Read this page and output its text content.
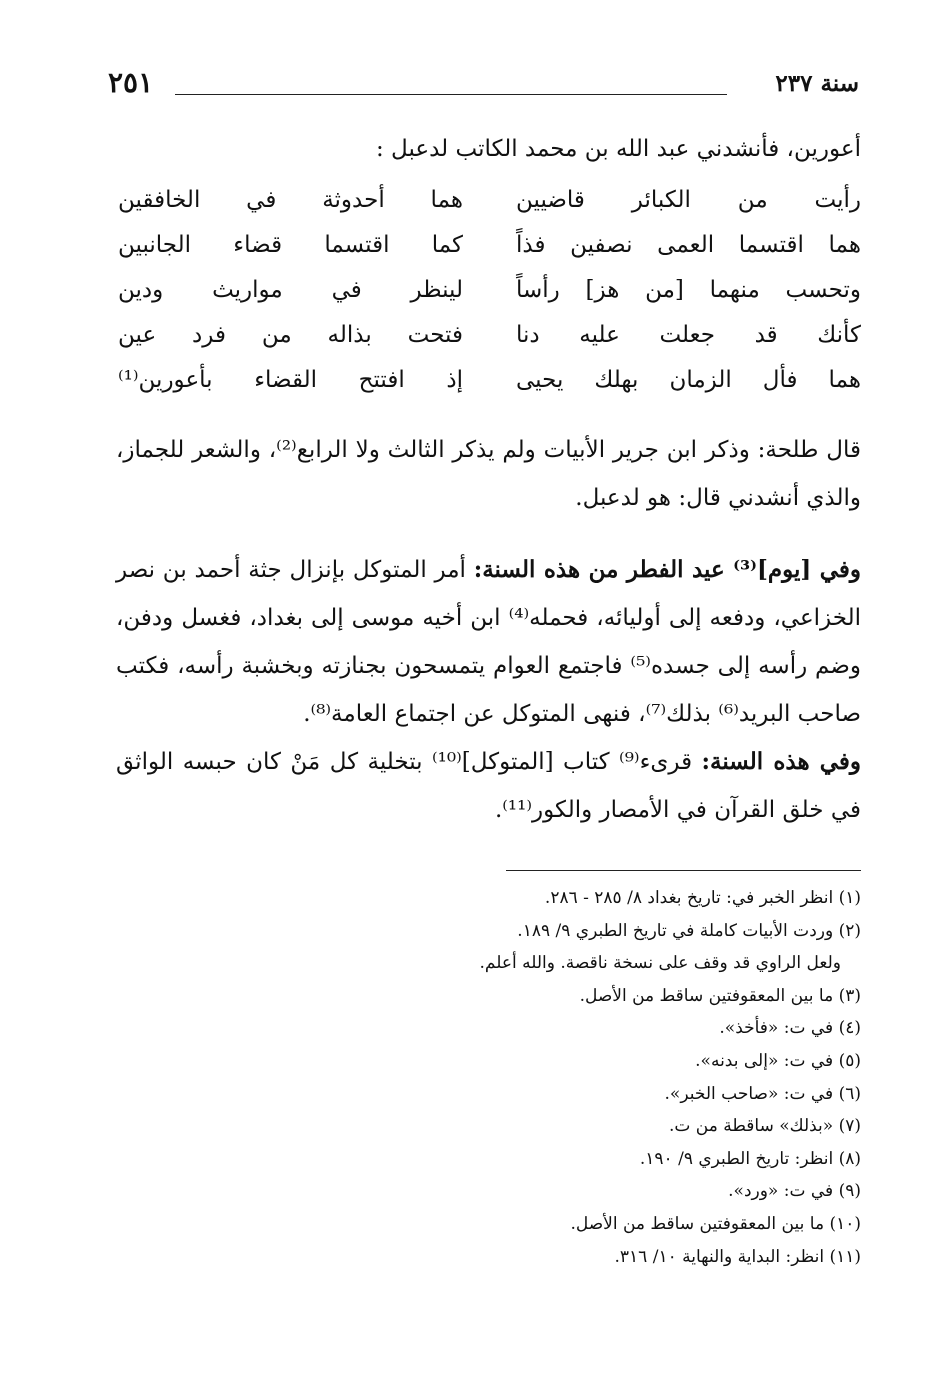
سنة ٢٣٧
٢٥١
أعورين، فأنشدني عبد الله بن محمد الكاتب لدعبل :
رأيت من الكبائر قاضيين
هما أحدوثة في الخافقين
هما اقتسما العمى نصفين فذاً
كما اقتسما قضاء الجانبين
وتحسب منهما [من هز] رأساً
لينظر في مواريث ودين
كأنك قد جعلت عليه دنا
فتحت بذاله من فرد عين
هما فأل الزمان بهلك يحيى
إذ افتتح القضاء بأعورين⁽¹⁾
قال طلحة: وذكر ابن جرير الأبيات ولم يذكر الثالث ولا الرابع⁽²⁾، والشعر للجماز، والذي أنشدني قال: هو لدعبل.
وفي [يوم]⁽³⁾ عيد الفطر من هذه السنة: أمر المتوكل بإنزال جثة أحمد بن نصر الخزاعي، ودفعه إلى أوليائه، فحمله⁽⁴⁾ ابن أخيه موسى إلى بغداد، فغسل ودفن، وضم رأسه إلى جسده⁽⁵⁾ فاجتمع العوام يتمسحون بجنازته وبخشبة رأسه، فكتب صاحب البريد⁽⁶⁾ بذلك⁽⁷⁾، فنهى المتوكل عن اجتماع العامة⁽⁸⁾.
وفي هذه السنة: قرىء⁽⁹⁾ كتاب [المتوكل]⁽¹⁰⁾ بتخلية كل مَنْ كان حبسه الواثق في خلق القرآن في الأمصار والكور⁽¹¹⁾.
(١) انظر الخبر في: تاريخ بغداد ٨/ ٢٨٥ - ٢٨٦.
(٢) وردت الأبيات كاملة في تاريخ الطبري ٩/ ١٨٩.
ولعل الراوي قد وقف على نسخة ناقصة. والله أعلم.
(٣) ما بين المعقوفتين ساقط من الأصل.
(٤) في ت: «فأخذ».
(٥) في ت: «إلى بدنه».
(٦) في ت: «صاحب الخبر».
(٧) «بذلك» ساقطة من ت.
(٨) انظر: تاريخ الطبري ٩/ ١٩٠.
(٩) في ت: «ورد».
(١٠) ما بين المعقوفتين ساقط من الأصل.
(١١) انظر: البداية والنهاية ١٠/ ٣١٦.
